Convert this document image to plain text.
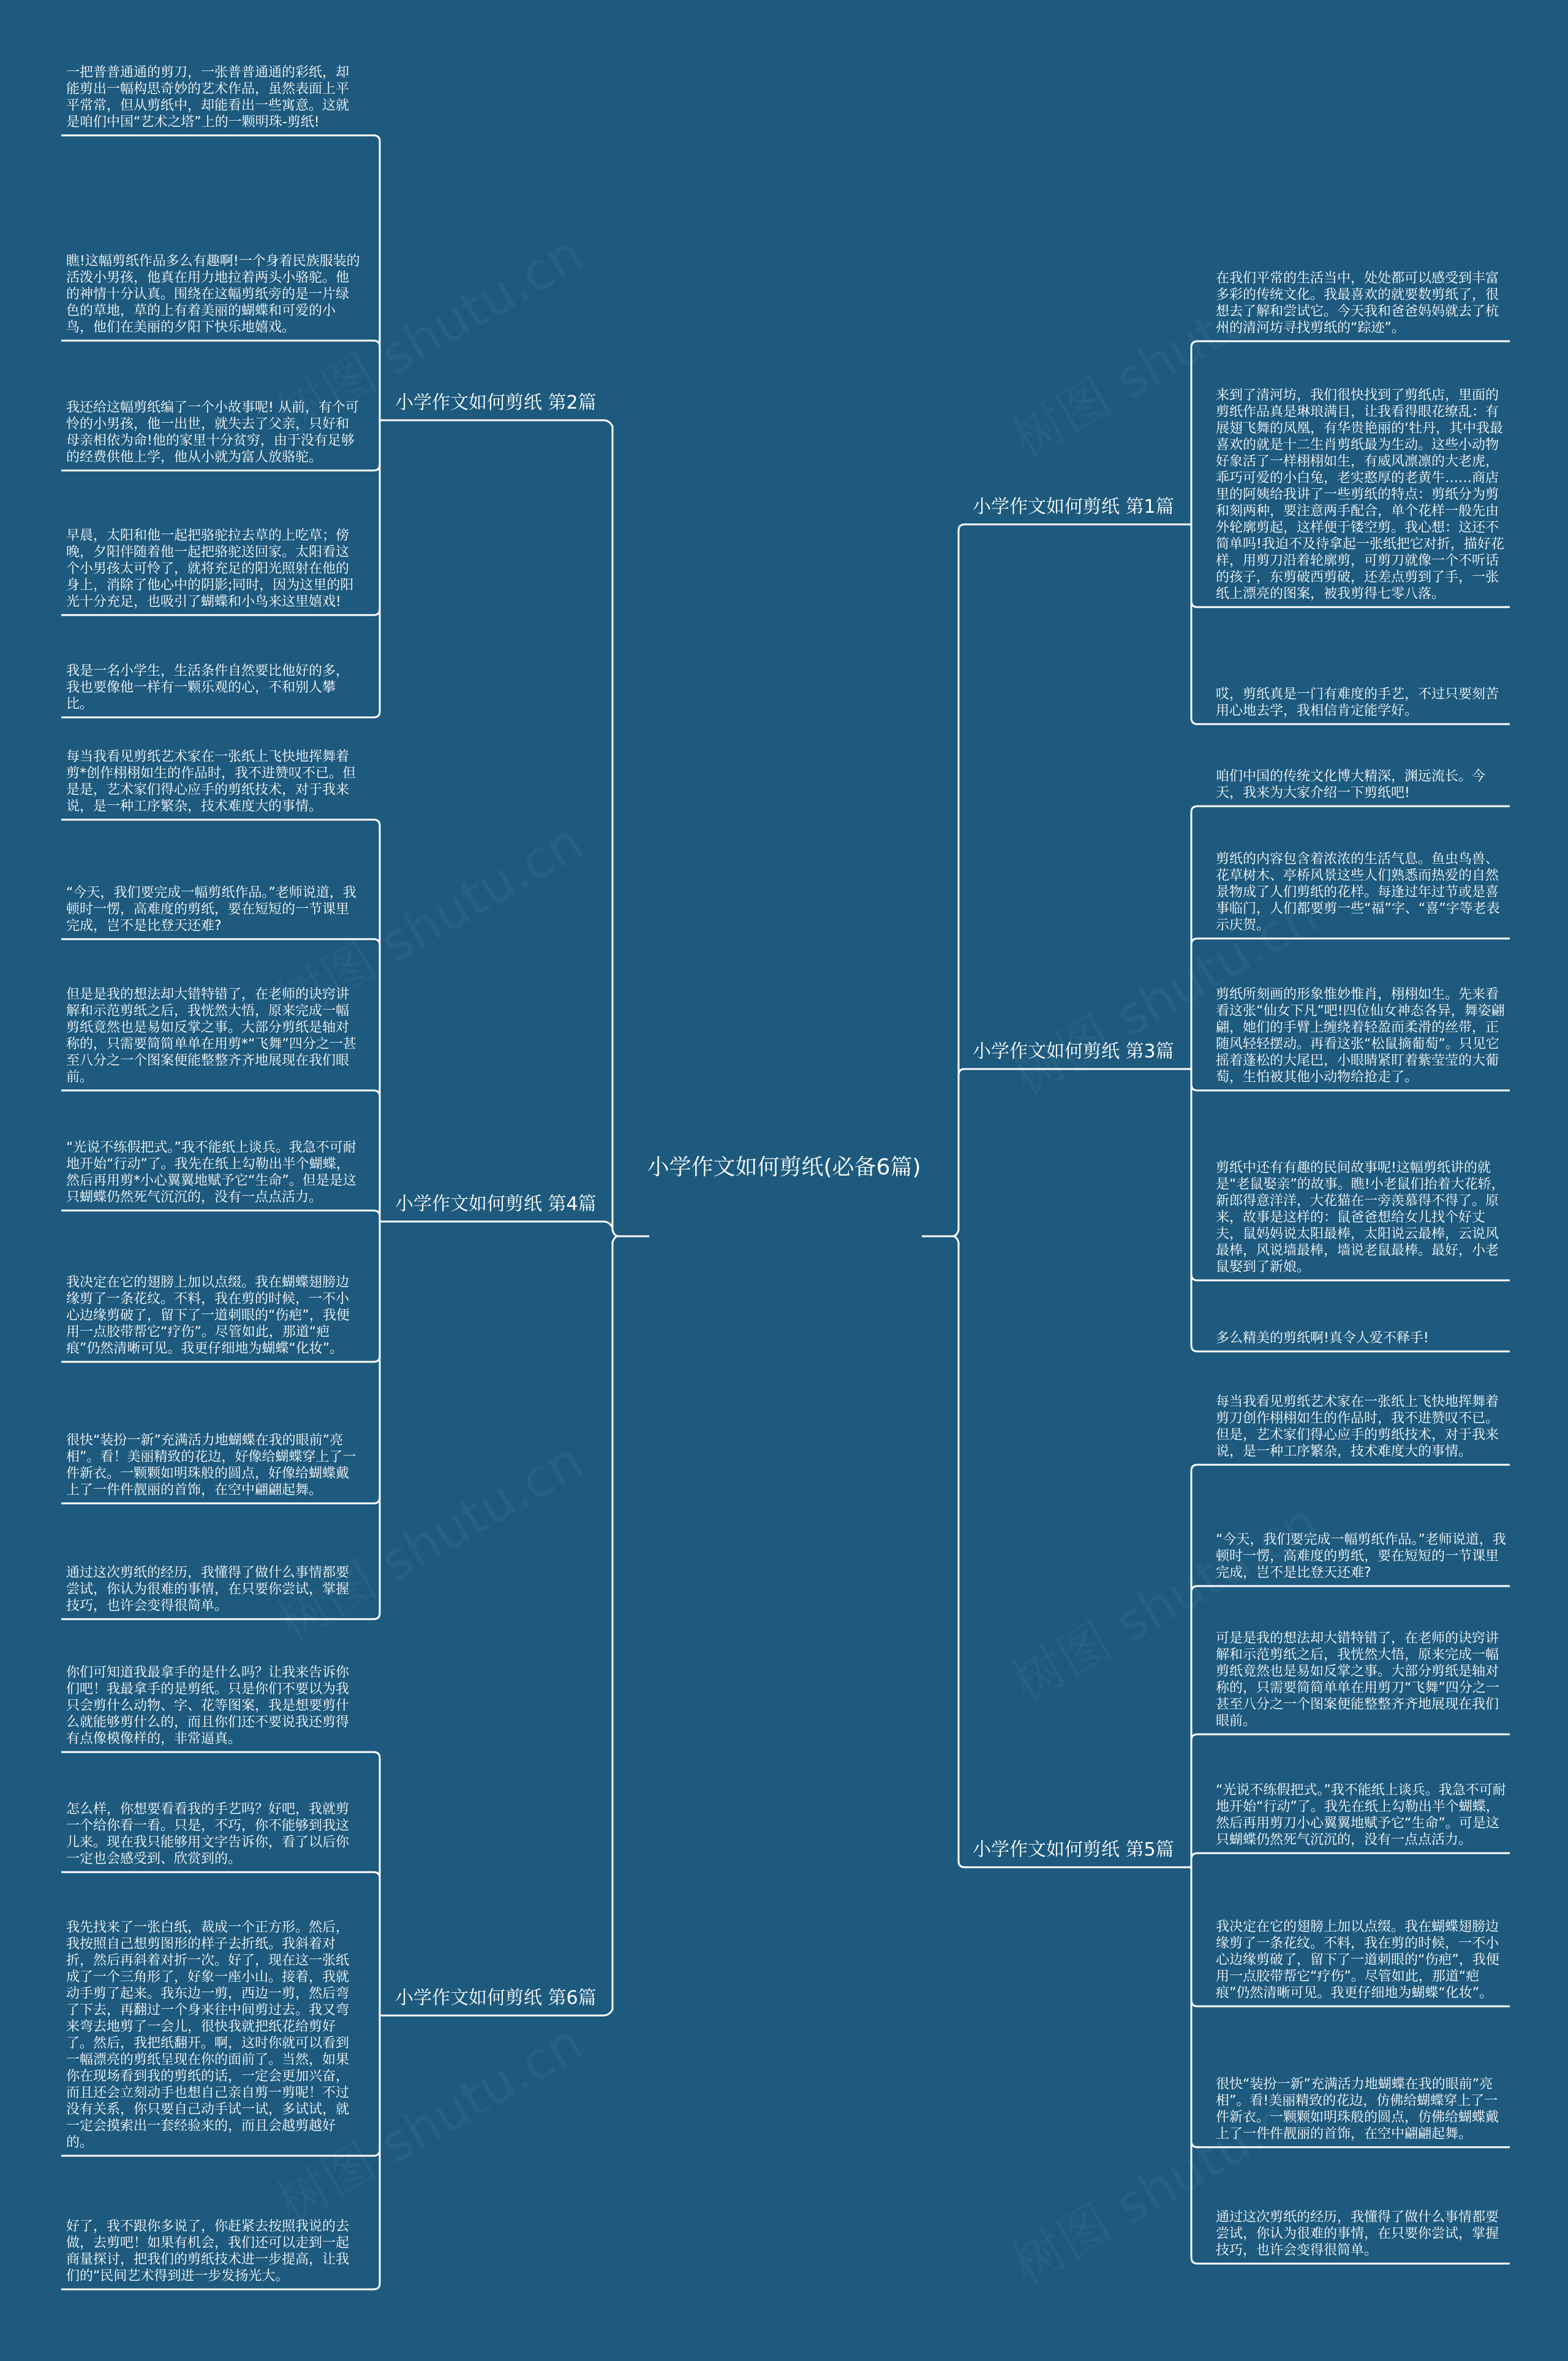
小学作文如何剪纸(必备6篇)
小学作文如何剪纸 第2篇
一把普普通通的剪刀，一张普普通通的彩纸，却能剪出一幅构思奇妙的艺术作品，虽然表面上平平常常，但从剪纸中，却能看出一些寓意。这就是咱们中国“艺术之塔”上的一颗明珠-剪纸!
瞧!这幅剪纸作品多么有趣啊!一个身着民族服装的活泼小男孩，他真在用力地拉着两头小骆驼。他的神情十分认真。围绕在这幅剪纸旁的是一片绿色的草地，草的上有着美丽的蝴蝶和可爱的小鸟，他们在美丽的夕阳下快乐地嬉戏。
我还给这幅剪纸编了一个小故事呢! 从前，有个可怜的小男孩，他一出世，就失去了父亲，只好和母亲相依为命!他的家里十分贫穷，由于没有足够的经费供他上学，他从小就为富人放骆驼。
早晨，太阳和他一起把骆驼拉去草的上吃草；傍晚，夕阳伴随着他一起把骆驼送回家。太阳看这个小男孩太可怜了，就将充足的阳光照射在他的身上，消除了他心中的阴影;同时，因为这里的阳光十分充足，也吸引了蝴蝶和小鸟来这里嬉戏!
我是一名小学生，生活条件自然要比他好的多，我也要像他一样有一颗乐观的心，不和别人攀比。
小学作文如何剪纸 第4篇
每当我看见剪纸艺术家在一张纸上飞快地挥舞着剪*创作栩栩如生的作品时，我不进赞叹不已。但是是，艺术家们得心应手的剪纸技术，对于我来说，是一种工序繁杂，技术难度大的事情。
“今天，我们要完成一幅剪纸作品。”老师说道，我顿时一愣，高难度的剪纸，要在短短的一节课里完成，岂不是比登天还难?
但是是我的想法却大错特错了，在老师的诀窍讲解和示范剪纸之后，我恍然大悟，原来完成一幅剪纸竟然也是易如反掌之事。大部分剪纸是轴对称的，只需要简简单单在用剪*“飞舞”四分之一甚至八分之一个图案便能整整齐齐地展现在我们眼前。
“光说不练假把式。”我不能纸上谈兵。我急不可耐地开始“行动”了。我先在纸上勾勒出半个蝴蝶，然后再用剪*小心翼翼地赋予它“生命”。但是是这只蝴蝶仍然死气沉沉的，没有一点点活力。
我决定在它的翅膀上加以点缀。我在蝴蝶翅膀边缘剪了一条花纹。不料，我在剪的时候，一不小心边缘剪破了，留下了一道刺眼的“伤疤”，我便用一点胶带帮它“疗伤”。尽管如此，那道“疤痕”仍然清晰可见。我更仔细地为蝴蝶“化妆”。
很快“装扮一新”充满活力地蝴蝶在我的眼前”亮相”。看！美丽精致的花边，好像给蝴蝶穿上了一件新衣。一颗颗如明珠般的圆点，好像给蝴蝶戴上了一件件靓丽的首饰，在空中翩翩起舞。
通过这次剪纸的经历，我懂得了做什么事情都要尝试，你认为很难的事情，在只要你尝试，掌握技巧，也许会变得很简单。
小学作文如何剪纸 第6篇
你们可知道我最拿手的是什么吗？让我来告诉你们吧！我最拿手的是剪纸。只是你们不要以为我只会剪什么动物、字、花等图案，我是想要剪什么就能够剪什么的，而且你们还不要说我还剪得有点像模像样的，非常逼真。
怎么样，你想要看看我的手艺吗？好吧，我就剪一个给你看一看。只是，不巧，你不能够到我这儿来。现在我只能够用文字告诉你，看了以后你一定也会感受到、欣赏到的。
我先找来了一张白纸，裁成一个正方形。然后，我按照自己想剪图形的样子去折纸。我斜着对折，然后再斜着对折一次。好了，现在这一张纸成了一个三角形了，好象一座小山。接着，我就动手剪了起来。我东边一剪，西边一剪，然后弯了下去，再翻过一个身来往中间剪过去。我又弯来弯去地剪了一会儿，很快我就把纸花给剪好了。然后，我把纸翻开。啊，这时你就可以看到一幅漂亮的剪纸呈现在你的面前了。当然，如果你在现场看到我的剪纸的话，一定会更加兴奋，而且还会立刻动手也想自己亲自剪一剪呢！不过没有关系，你只要自己动手试一试，多试试，就一定会摸索出一套经验来的，而且会越剪越好的。
好了，我不跟你多说了，你赶紧去按照我说的去做，去剪吧！如果有机会，我们还可以走到一起商量探讨，把我们的剪纸技术进一步提高，让我们的“民间艺术得到进一步发扬光大。
小学作文如何剪纸 第1篇
在我们平常的生活当中，处处都可以感受到丰富多彩的传统文化。我最喜欢的就要数剪纸了，很想去了解和尝试它。今天我和爸爸妈妈就去了杭州的清河坊寻找剪纸的“踪迹”。
来到了清河坊，我们很快找到了剪纸店，里面的剪纸作品真是琳琅满目，让我看得眼花缭乱：有展翅飞舞的凤凰，有华贵艳丽的‘牡丹，其中我最喜欢的就是十二生肖剪纸最为生动。这些小动物好象活了一样栩栩如生，有威风凛凛的大老虎，乖巧可爱的小白兔，老实憨厚的老黄牛……商店里的阿姨给我讲了一些剪纸的特点：剪纸分为剪和刻两种，要注意两手配合，单个花样一般先由外轮廓剪起，这样便于镂空剪。我心想：这还不简单吗!我迫不及待拿起一张纸把它对折，描好花样，用剪刀沿着轮廓剪，可剪刀就像一个不听话的孩子，东剪破西剪破，还差点剪到了手，一张纸上漂亮的图案，被我剪得七零八落。
哎，剪纸真是一门有难度的手艺，不过只要刻苦用心地去学，我相信肯定能学好。
小学作文如何剪纸 第3篇
咱们中国的传统文化博大精深，渊远流长。今天，我来为大家介绍一下剪纸吧!
剪纸的内容包含着浓浓的生活气息。鱼虫鸟兽、花草树木、亭桥风景这些人们熟悉而热爱的自然景物成了人们剪纸的花样。每逢过年过节或是喜事临门，人们都要剪一些“福”字、“喜”字等老表示庆贺。
剪纸所刻画的形象惟妙惟肖，栩栩如生。先来看看这张“仙女下凡”吧!四位仙女神态各异，舞姿翩翩，她们的手臂上缠绕着轻盈而柔滑的丝带，正随风轻轻摆动。再看这张“松鼠摘葡萄”。只见它摇着蓬松的大尾巴，小眼睛紧盯着紫莹莹的大葡萄，生怕被其他小动物给抢走了。
剪纸中还有有趣的民间故事呢!这幅剪纸讲的就是“老鼠娶亲”的故事。瞧!小老鼠们抬着大花轿，新郎得意洋洋，大花猫在一旁羡慕得不得了。原来，故事是这样的：鼠爸爸想给女儿找个好丈夫，鼠妈妈说太阳最棒，太阳说云最棒，云说风最棒，风说墙最棒，墙说老鼠最棒。最好，小老鼠娶到了新娘。
多么精美的剪纸啊!真令人爱不释手!
小学作文如何剪纸 第5篇
每当我看见剪纸艺术家在一张纸上飞快地挥舞着剪刀创作栩栩如生的作品时，我不进赞叹不已。但是，艺术家们得心应手的剪纸技术，对于我来说，是一种工序繁杂，技术难度大的事情。
“今天，我们要完成一幅剪纸作品。”老师说道，我顿时一愣，高难度的剪纸，要在短短的一节课里完成，岂不是比登天还难?
可是是我的想法却大错特错了，在老师的诀窍讲解和示范剪纸之后，我恍然大悟，原来完成一幅剪纸竟然也是易如反掌之事。大部分剪纸是轴对称的，只需要简简单单在用剪刀“飞舞”四分之一甚至八分之一个图案便能整整齐齐地展现在我们眼前。
“光说不练假把式。”我不能纸上谈兵。我急不可耐地开始“行动”了。我先在纸上勾勒出半个蝴蝶，然后再用剪刀小心翼翼地赋予它“生命”。可是这只蝴蝶仍然死气沉沉的，没有一点点活力。
我决定在它的翅膀上加以点缀。我在蝴蝶翅膀边缘剪了一条花纹。不料，我在剪的时候，一不小心边缘剪破了，留下了一道刺眼的“伤疤”，我便用一点胶带帮它“疗伤”。尽管如此，那道“疤痕”仍然清晰可见。我更仔细地为蝴蝶“化妆”。
很快“装扮一新”充满活力地蝴蝶在我的眼前”亮相”。看!美丽精致的花边，仿佛给蝴蝶穿上了一件新衣。一颗颗如明珠般的圆点，仿佛给蝴蝶戴上了一件件靓丽的首饰，在空中翩翩起舞。
通过这次剪纸的经历，我懂得了做什么事情都要尝试，你认为很难的事情，在只要你尝试，掌握技巧，也许会变得很简单。
